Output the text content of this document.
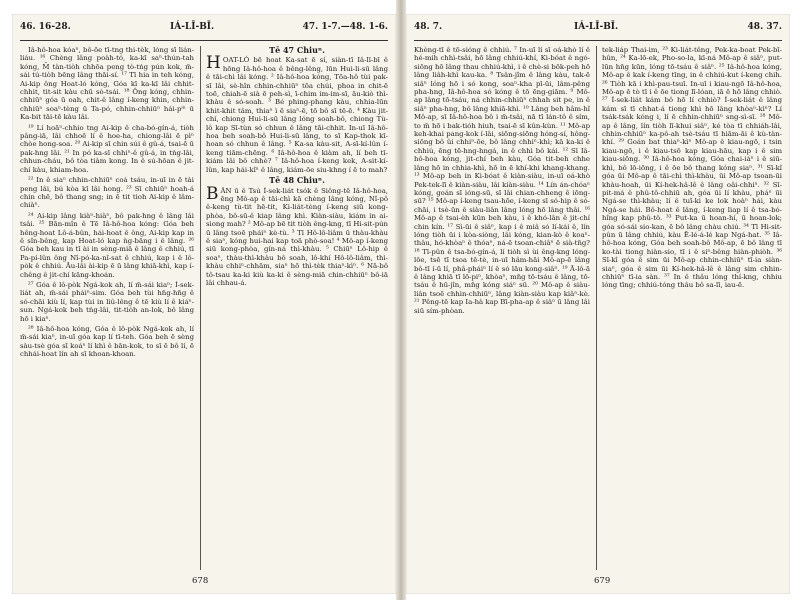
46. 16-28.	IÁ-LĪ-BĪ.	47. 1-7.—48. 1-6.

Iâ-hô-hoa kóaⁿ, bô-ōe tī-tng thi-tèk, lóng sī lián-liáu. ¹⁶ Chèng lâng poàh-tó, ka-kī saⁿ-thún-tah kóng, M̄ tàn-tiòh chhōa peng tò-tńg pún kok, m̄-sái tú-tiòh bēng lâng thāi-sí. ¹⁷ Tī hia in teh kóng, Ai-kip ông Hoat-ló kóng, Góa kī ka-kī lâi chhit-chhit, tit-sit kàu chū sò-tsái. ¹⁸ Ông kóng, chhin-chhiūⁿ góa ū oah, chit-ê lâng í-keng khin, chhin-chhiūⁿ soaⁿ-tèng ū Ta-pó, chhin-chhiūⁿ hái-pⁱⁿ ū Ka-bit tāi-tē kàu lâi.

¹⁹ Lí hoāⁿ-chhio tng Ai-kip ê cha-bó-gín-á, tiòh pâng-iā, lâi chhoē lí ê hoe-ha, chiong-lâi ē pìⁿ chòe hong-soa. ²⁰ Ai-kip sī chin súi ê gû-á, tsai-ē ū pak-hng lâi. ²¹ In pó ka-sī chhiⁿ-ê gû-á, in tńg-lâi, chhun-cháu, bô tòa tiàm kong. In ê sú-hōan ê jit-chí kàu, khiam-hoa.

²² In ê siaⁿ chhin-chhiūⁿ coá tsáu, in-uī in ē tài peng lâi, bú kòa kī lâi hong. ²³ Sī chhiūⁿ hoah-á chin chē, bô thang sng; in ē tit tioh Ai-kip ê lâm-chiàⁿ.

²⁴ Ai-kip lâng kiàⁿ-hiàⁿ, bô pak-hng ê lâng lâi tsâi. ²⁵ Bān-mîn ê Tē Iâ-hô-hoa kóng: Góa beh hêng-hoat Lô-á-bûn, hái-hoat ê ông, Ai-kip kap in ê sîn-bêng, kap Hoat-ló kap ǹg-bāng i ê lâng. ²⁶ Góa beh kau in tī ài in sèng-miā ê lâng ê chhiú, tī Pa-pí-lûn ông Nî-pó-ka-nî-sat ê chhiú, kap i ê lô-pòk ê chhiú. Āu-lâi ài-kip ē ū lâng khiā-khì, kap í-chêng ê jit-chí kāng-khoán.

²⁷ Góa ê lô-pòk Ngá-kok ah, lí m̄-sái kiaⁿ; Í-sek-liát ah, m̄-sái pháiⁿ-sim. Góa beh tùi hn̄g-hn̄g ê só-chāi kiù lí, kap tùi in liû-lêng ê tē kiù lí ê kiáⁿ-sun. Ngá-kok beh tńg-lâi, tit-tiòh an-lok, bô lâng hō i kiaⁿ.

²⁸ Iâ-hô-hoa kóng, Góa ê lô-pòk Ngá-kok ah, lí m̄-sái kiaⁿ, in-uī góa kap lí tī-teh. Góa beh ē sèng sàu-tsè góa sī koáⁿ lí khì ê bān-kok, to sī ē bô lí, ē chhái-hoat lín ah sī khoan-khoan.

Tē 47 Chiuⁿ.

HOAT-LÓ bē hoat Ka-sat ē sí, siàn-tī Iâ-lī-bī ê hōng Iâ-hô-hoa ê bêng-lêng, lūn Hui-li-sū lâng ê tāi-chì lâi kóng. ² Iâ-hô-hoa kóng, Tōa-hô tùi pak-sī lâi, sè-hîn chhin-chhiūⁿ tōa chúi, phoa in chit-ē toē, chiah-ē sià ē peh-sì, ī-chim im-im-sī, āu-kiò thì-khàu ê só-soah. ³ Bé phing-phang kàu, chhia-lūn khit-khit tâm, thiaⁿ ì ē siaⁿ-ē, tō bô sī tē-ē. ⁴ Kàu jit-chí, chiong Hui-li-sū lâng lóng soah-bô, chiong Tù-lô kap Sī-tùn só chhun ê lâng tāi-chhit. In-uī Iâ-hô-hoa beh soah-bô Hui-li-sū lâng, to sī Kap-thok kī-hoan só chhun ê lâng. ⁵ Ka-sa kàu-sit, A-sī-kí-lûn í-keng tiām-chēng. ⁶ Iâ-hô-hoa ê kiàm ah, lí beh tī-kiám lâi bô chhè? ⁷ Iâ-hô-hoa í-keng kek, A-sit-kí-lûn, kap hái-kîⁿ ê lâng, kiám-ōe siu-khng í ē to mah?

Tē 48 Chiuⁿ.

BÂN ū ê Tsú Í-sek-liát tsók ê Siông-tē Iâ-hô-hoa, ēng Mô-ap ê tāi-chì kā chèng lâng kóng, Nî-pô ê-keng tù-tit hē-tit, Ki-liát-tèng í-keng siū kong-phòa, bô-sū-ê kiap lâng khì. Kiàn-siàu, kiám in ai-siong mah? ² Mô-ap bē tit tiòh êng-kng, tī Hi-sit-pún ū lâng tsoē pháiⁿ kè-tù. ³ Tī Hô-lô-liâm ū thàu-khàu ê siaⁿ, kóng hui-hai kap toā phò-soa! ⁴ Mô-ap í-keng siū kong-phòa, gín-ná thì-khàu. ⁵ Chiūⁿ Lô-hip ê soaⁿ, thàu-thì-khàu bô soah, lô-khí Hô-lô-liâm, thì-khàu chhiⁿ-chhām, siaⁿ hō thì-tèk thiaⁿ-kìⁿ. ⁶ Nā-bô tô-tsau ka-ki kiù ka-ki ê sèng-miā chin-chhiūⁿ bô-iā lâi chhau-á.

678
48. 7.	IÁ-LĪ-BĪ.	48. 37.

Khèng-tī ê tō-sióng ê chhiú. ⁷ In-uī lí sī oá-khò lí ê hé-mih chhì-tsâi, hō lâng chhiú-khí, Ki-bóat ê ngó-siōng hō lâng thau chhiú-khì, i ê chè-si bōk-peh hō lâng liâh-khì kau-ka. ⁸ Tsân-jîm ê lâng kàu, tak-ē siâⁿ lóng hō i só kong, soaⁿ-kha pī-ūi, lâm-pêng pha-hng, Iâ-hô-hoa só kóng ê tō ēng-giām. ⁹ Mô-ap lâng tō-tsáu, ná chhin-chhiūⁿ chhah sit pe, in ê siâⁿ pha-hng, bô lâng khiā-khì. ¹⁰ Lâng beh hâm-hî Mô-ap, sī Iâ-hô-hoa bô i m̄-tsâi, nā tī lán-tô ê sím, to m̄ hō i bak-tióh hiuh, tsai-ē sī kûn-kùn. ¹¹ Mô-ap keh-khai pang-kok í-lâi, siōng-siōng hóng-sí, hông-siōng bô ûi chhiⁿ-ōe, bô lâng chhiⁿ-khì; kā ka-ki ê chhiú, ēng tē-hng-hngá, in ê chhì bô kái. ¹² Sī Iâ-hô-hoa kóng, jit-chí beh kàu, Góa tit-beh chhe lâng hō in chhia-khì, hō in ē khí-khi khang-khang. ¹³ Mô-ap beh in Ki-bóat ê kiàn-siàu, in-uī oá-khò Pek-tek-lī ê kiàn-siàu, lâi kiàn-siàu. ¹⁴ Lín án-chóaⁿ kóng, goán sī ióng-sū, sī lâi chian-chheng ê iōng-sū? ¹⁵ Mô-ap í-keng tsau-hōe, í-keng sī só-hip ê só-chāi, i tsè-ūn ê siàu-liân lâng lóng hō lâng thâi. ¹⁶ Mô-ap ê tsai-èh kūn beh kàu, i ê khó-lân ê jit-chí chin kín. ¹⁷ Sì-ūi ê siâⁿ, kap i ê miâ só lí-kái ê, lín lóng tiòh ūi i kòa-siòng, lâi kóng, kian-kò ê koaⁿ-thâu, hó-khòaⁿ ê thóaⁿ, ná-ē tsoan-chiâⁿ ē sià-tn̄g? ¹⁸ Tī-pûn ê tsa-bó-gín-á, lí tiòh sì ùi êng-kng lóng-lōe, tsē tī tsoa tē-tè, in-uī hâm-hāi Mô-ap-ē lâng bô-tī í-ū lí, phâ-pháiⁿ lí ê só lāu kong-siâⁿ. ¹⁹ Ā-lô-ā ê lâng khiā tī lō-piⁿ, khòaⁿ, mn̄g tō-tsáu ê lâng, tō-tsáu ê hū-jîn, mn̄g kóng siáⁿ sū. ²⁰ Mô-ap ê siàu-liân tsoē chhin-chhiūⁿ, lâng kiàn-siàu kap kiâⁿ-kè. ²¹ Pêng-tē kap Ia-hà kap Bī-pha-ap ê siâⁿ ū lâng lâi siū sím-phòan.

tek-liáp Thai-im, ²³ Ki-liát-têng, Pek-ka-boat Pek-bī-hûn, ²⁴ Ka-lō-ek, Pho-so-la, kī-ná Mô-ap ê siâⁿ, put-lūn hn̄g kūn, lóng tō-tsáu ê siâⁿ. ²⁵ Iâ-hô-hoa kóng, Mô-ap ê kak í-keng tīng, in ê chhiú-kut í-keng chih. ²⁶ Tiòh kā i khì-pau-tsuī. In-uī i kiau-ngō Iâ-hô-hoa, Mô-ap ē tò tī i ê ōe tiong lī-lóan, iā ē hō lâng chhiò. ²⁷ Í-sek-liát kám bô hō lí chhiò? Í-sek-liát ê lâng kám sī tī chhat-á tiong khì hō lâng khòaⁿ-kìⁿ? Lí tsák-tsák kóng i, lí ē chhin-chhiūⁿ sng-sì-sī. ²⁸ Mô-ap ê lâng, lín tiòh lī-khui siâⁿ, ké tòa tī chhiáh-lâi, chhin-chhiūⁿ ka-pô-ah tsè-tsáu tī hiām-āi ê kù-tàn-khí. ²⁹ Goán bat thiaⁿ-kìⁿ Mô-ap ê kiau-ngō, i tsin kiau-ngō, i ê kiau-tsō kap kiau-hāu, kap i ê sim kiau-siōng. ³⁰ Iâ-hô-hoa kóng, Góa chai-iáⁿ i ê siū-khì, bô lō-iōng, i ê ōe bô thang kóng siaⁿ. ³¹ Sī-kî góa ūi Mô-ap ê tāi-chì thì-khàu, ūi Mô-ap tsoan-ūi khàu-hoah, ūi Kí-hek-hâ-lê ê lâng oâi-chhiⁿ. ³² Sī-pit-má ê phû-tô-chhiū ah, góa ūi lí khàu, pháⁿ ūi Ngá-se thì-khàu; lí ê tuī-ki ke lok hoàⁿ hái, kàu Ngá-se hái. Bô-hoat ê lâng, í-keng liap lí ê tsa-bó-hîng kap phû-tô. ³³ Put-ka ū hoan-hí, ū hoan-lok; góa só-sái sio-kan, ē bô lâng chàu chiú. ³⁴ Tī Hi-sit-pûn ū lâng chhiú, kàu Ē-lé-á-lé kap Ngá-hat. ³⁵ Iâ-hô-hoa kóng, Góa beh soah-bô Mô-ap, ē bô lâng tī ko-tài tiong hiàn-sio, tī i ê siⁿ-bêng hiàn-phiòh. ³⁶ Sī-kî góa ê sim ūi Mô-ap chhin-chhiūⁿ tī-ia siàn-siaⁿ, góa ê sim ūi Kí-hek-hâ-lê ê lâng sim chhin-chhiūⁿ tī-ia sàn. ³⁷ In ê thâu lóng thí-kng, chhiu lóng tīng; chhiú-tóng thâu bô sa-lī, iau-ē.

679
